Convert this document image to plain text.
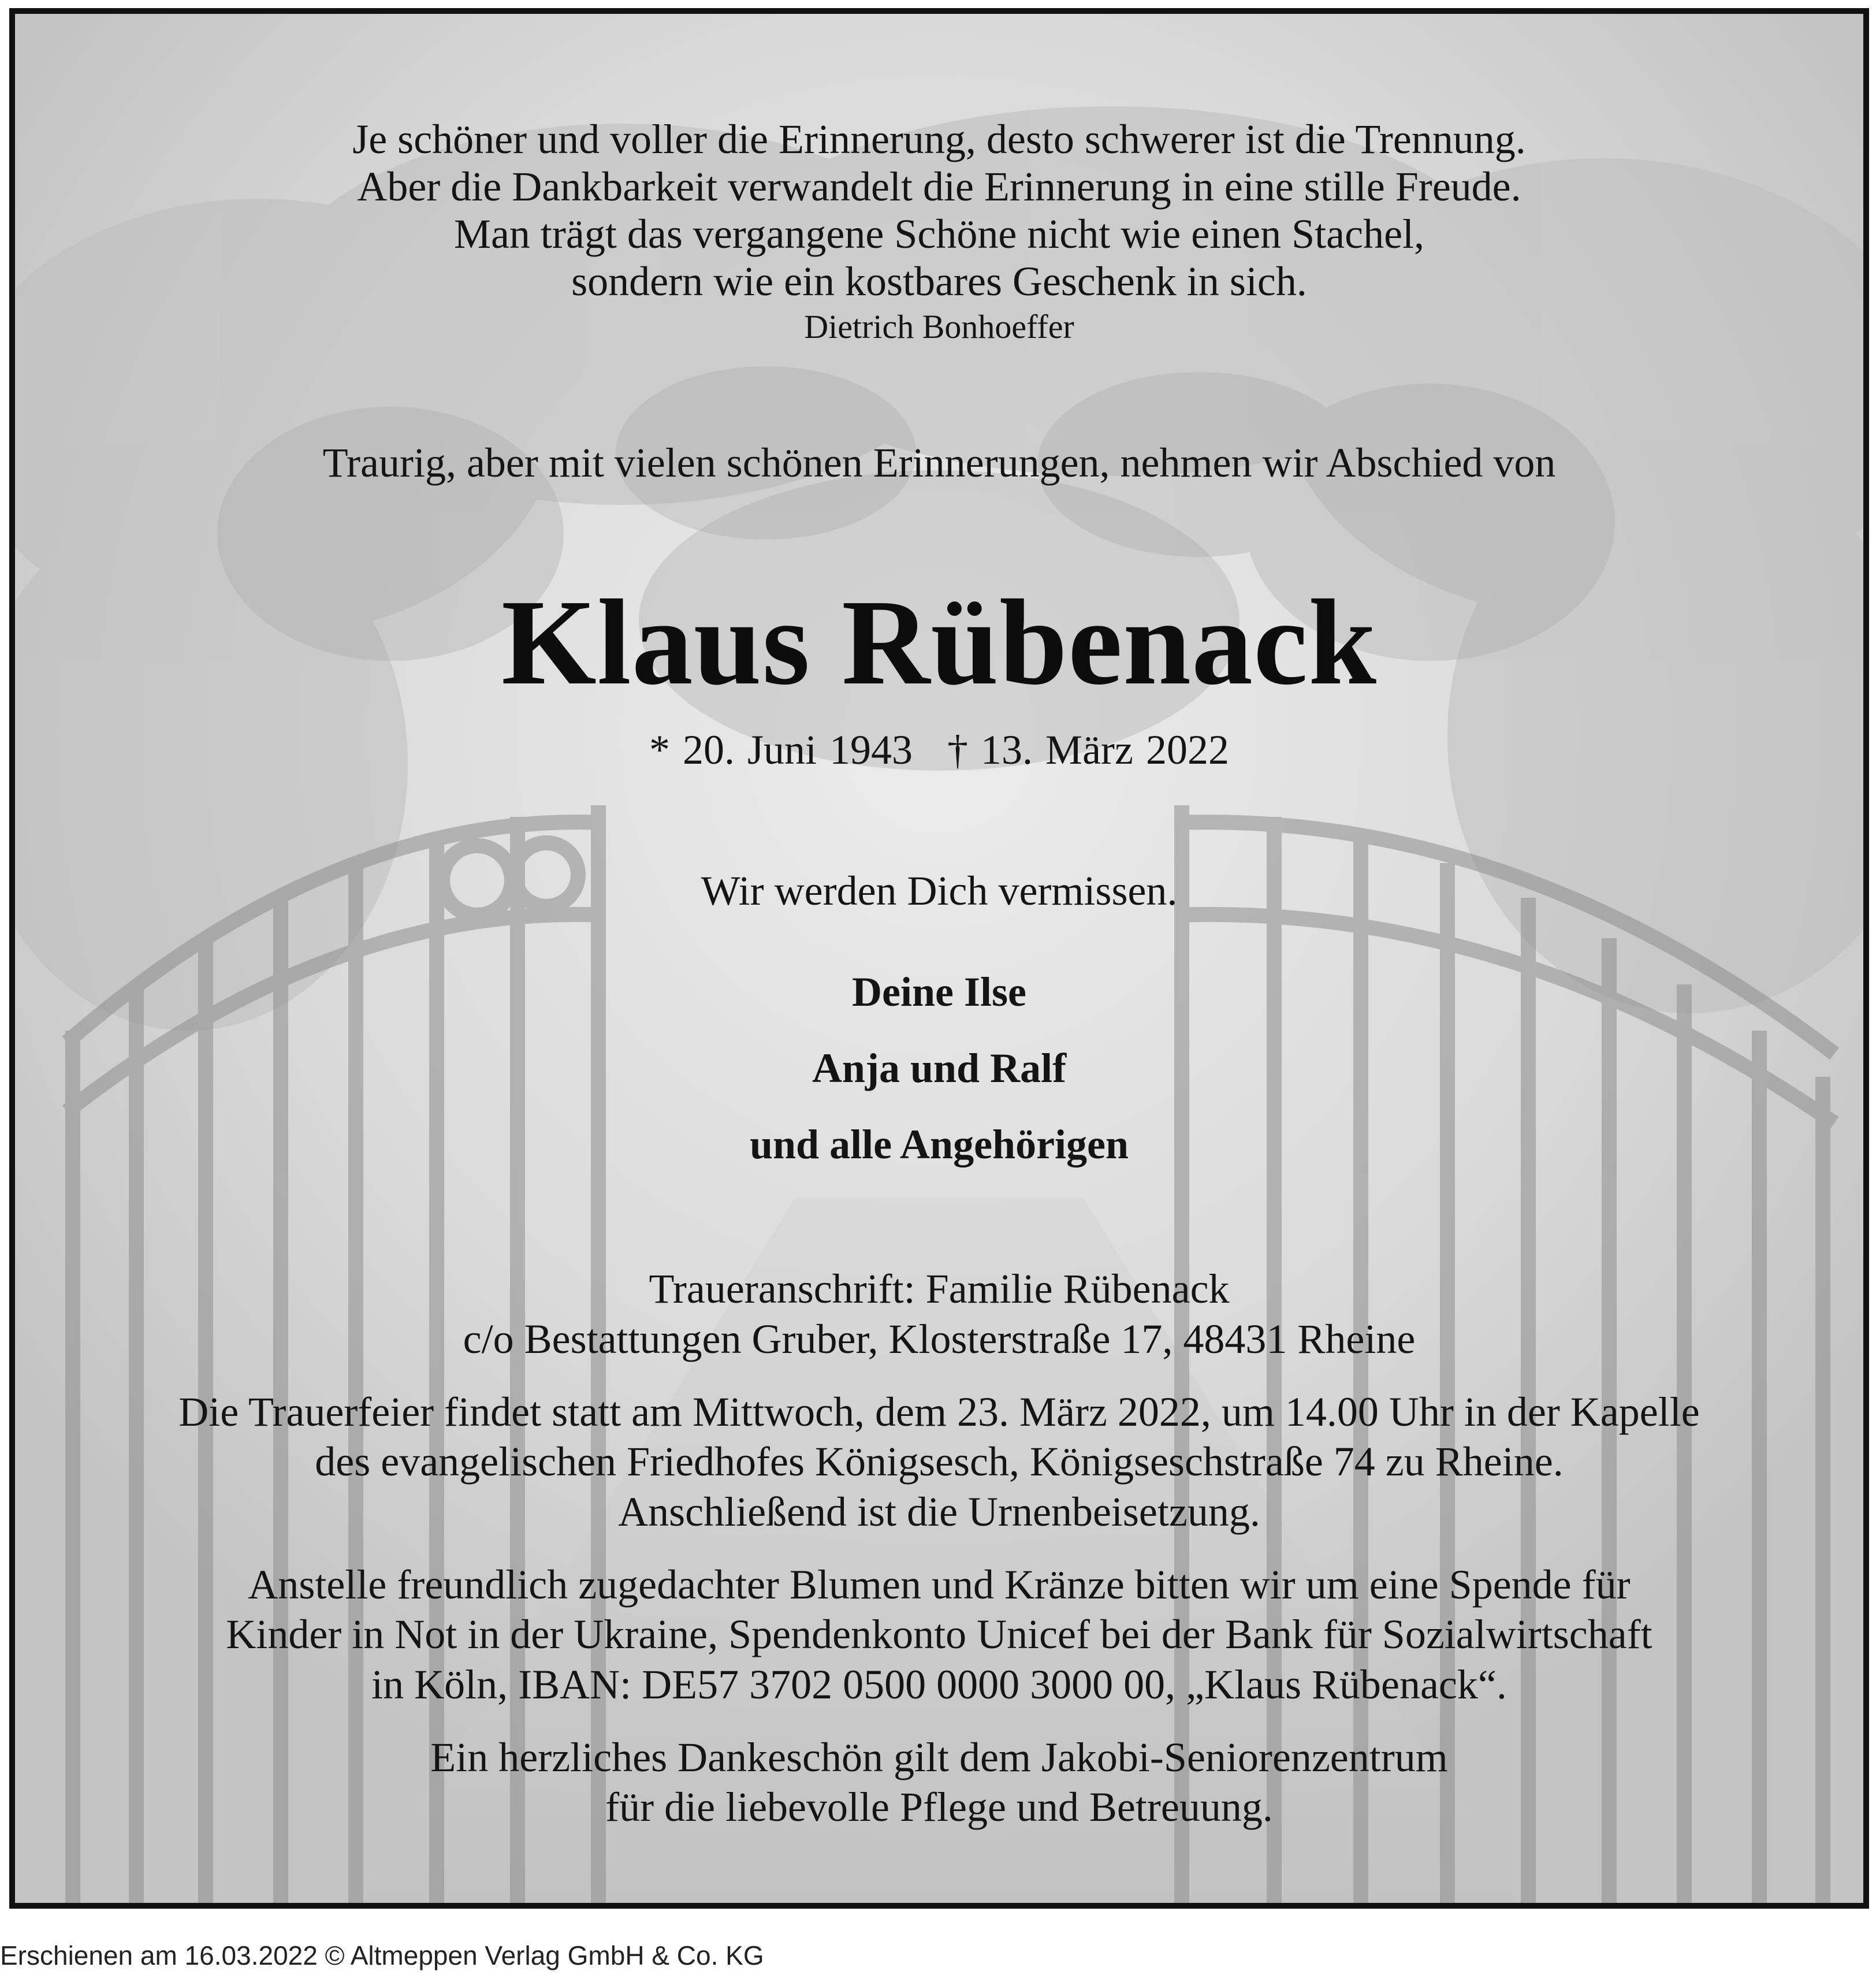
Je schöner und voller die Erinnerung, desto schwerer ist die Trennung.
Aber die Dankbarkeit verwandelt die Erinnerung in eine stille Freude.
Man trägt das vergangene Schöne nicht wie einen Stachel,
sondern wie ein kostbares Geschenk in sich.
Dietrich Bonhoeffer
Traurig, aber mit vielen schönen Erinnerungen, nehmen wir Abschied von
Klaus Rübenack
* 20. Juni 1943 † 13. März 2022
Wir werden Dich vermissen.
Deine Ilse
Anja und Ralf
und alle Angehörigen
Traueranschrift: Familie Rübenack
c/o Bestattungen Gruber, Klosterstraße 17, 48431 Rheine
Die Trauerfeier findet statt am Mittwoch, dem 23. März 2022, um 14.00 Uhr in der Kapelle
des evangelischen Friedhofes Königsesch, Königseschstraße 74 zu Rheine.
Anschließend ist die Urnenbeisetzung.
Anstelle freundlich zugedachter Blumen und Kränze bitten wir um eine Spende für
Kinder in Not in der Ukraine, Spendenkonto Unicef bei der Bank für Sozialwirtschaft
in Köln, IBAN: DE57 3702 0500 0000 3000 00, „Klaus Rübenack“.
Ein herzliches Dankeschön gilt dem Jakobi-Seniorenzentrum
für die liebevolle Pflege und Betreuung.
Erschienen am 16.03.2022 © Altmeppen Verlag GmbH & Co. KG
